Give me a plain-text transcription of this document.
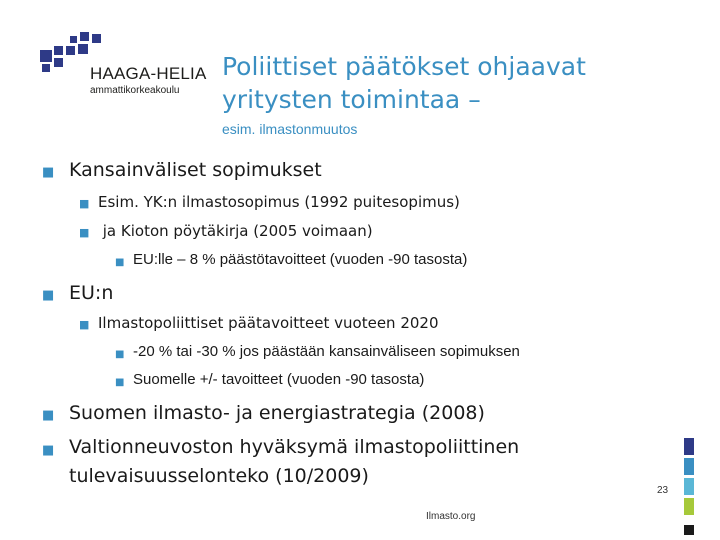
HAAGA-HELIA
ammattikorkeakoulu
Poliittiset päätökset ohjaavat yritysten toimintaa –
esim. ilmastonmuutos
■ Kansainväliset sopimukset
■ Esim. YK:n ilmastosopimus (1992 puitesopimus)
■ ja Kioton pöytäkirja (2005 voimaan)
■ EU:lle – 8 % päästötavoitteet (vuoden -90 tasosta)
■ EU:n
■ Ilmastopoliittiset päätavoitteet vuoteen 2020
■ -20 % tai -30 % jos päästään kansainväliseen sopimuksen
■ Suomelle +/- tavoitteet (vuoden -90 tasosta)
■ Suomen ilmasto- ja energiastrategia (2008)
■ Valtionneuvoston hyväksymä ilmastopoliittinen tulevaisuusselonteko (10/2009)
23
Ilmasto.org
